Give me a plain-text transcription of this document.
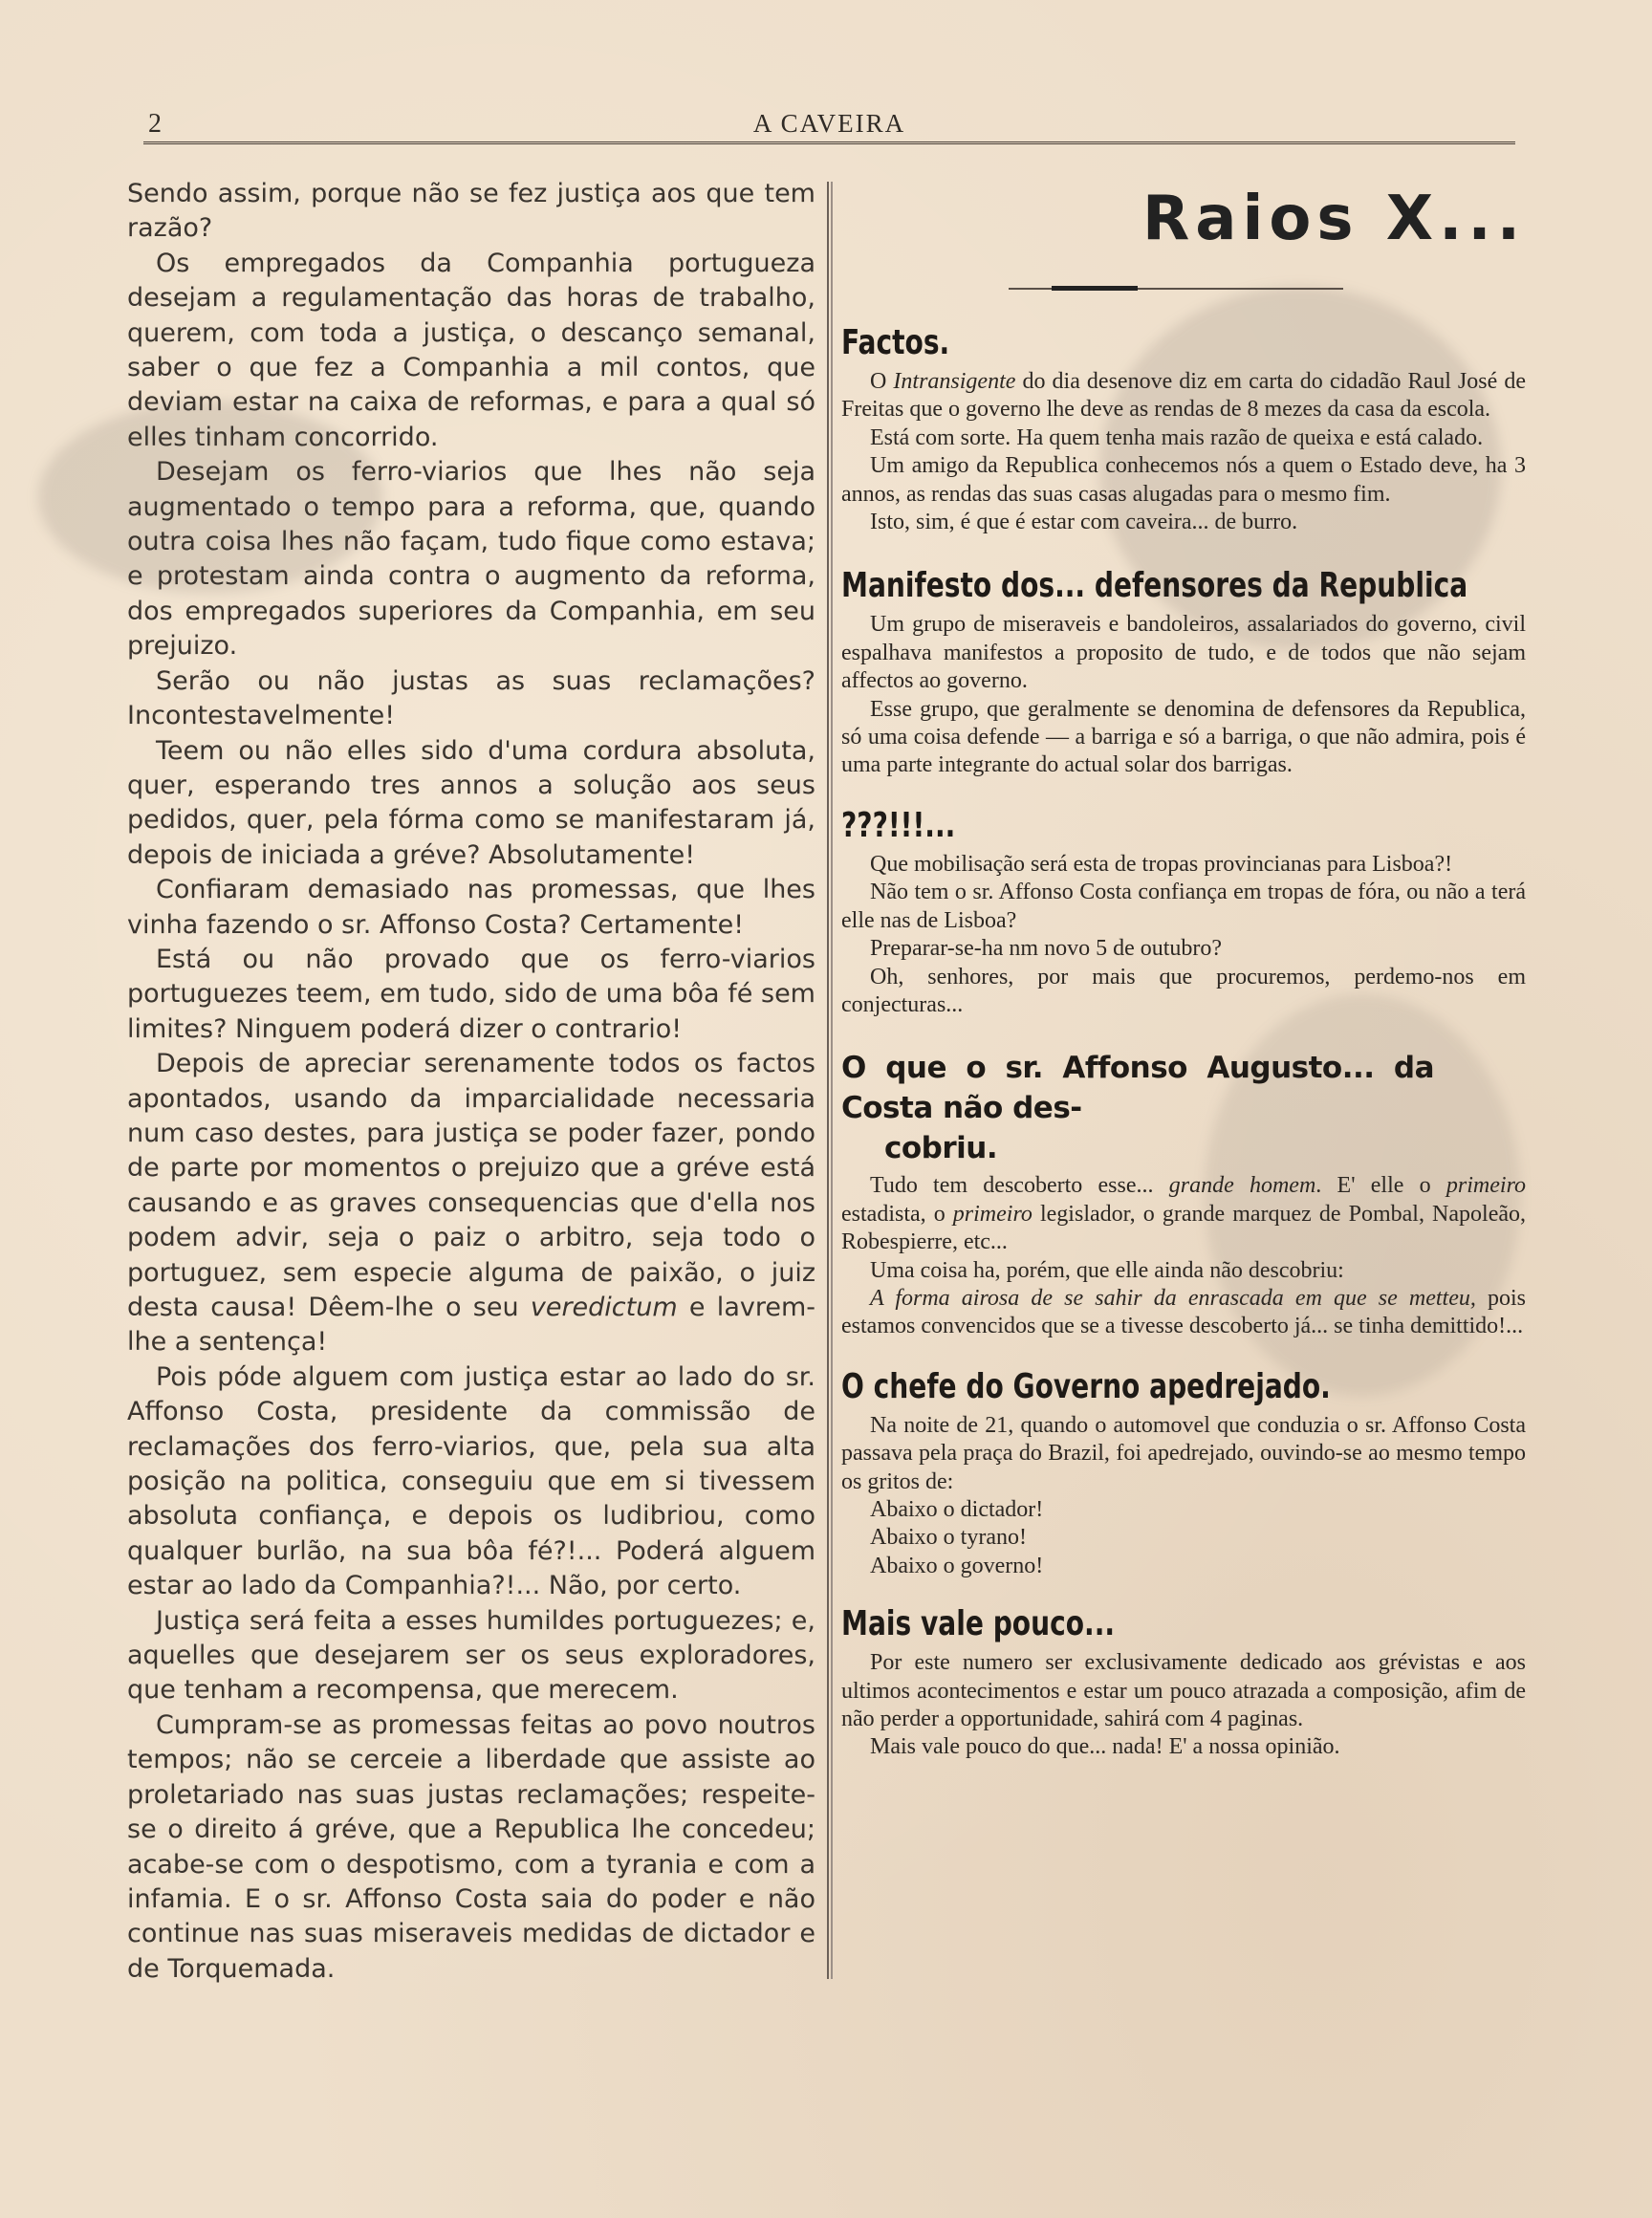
2	A CAVEIRA

Sendo assim, porque não se fez justiça aos que tem razão?

Os empregados da Companhia portugueza desejam a regulamentação das horas de trabalho, querem, com toda a justiça, o descanço semanal, saber o que fez a Companhia a mil contos, que deviam estar na caixa de reformas, e para a qual só elles tinham concorrido.

Desejam os ferro-viarios que lhes não seja augmentado o tempo para a reforma, que, quando outra coisa lhes não façam, tudo fique como estava; e protestam ainda contra o augmento da reforma, dos empregados superiores da Companhia, em seu prejuizo.

Serão ou não justas as suas reclamações? Incontestavelmente!

Teem ou não elles sido d'uma cordura absoluta, quer, esperando tres annos a solução aos seus pedidos, quer, pela fórma como se manifestaram já, depois de iniciada a gréve? Absolutamente!

Confiaram demasiado nas promessas, que lhes vinha fazendo o sr. Affonso Costa? Certamente!

Está ou não provado que os ferro-viarios portuguezes teem, em tudo, sido de uma bôa fé sem limites? Ninguem poderá dizer o contrario!

Depois de apreciar serenamente todos os factos apontados, usando da imparcialidade necessaria num caso destes, para justiça se poder fazer, pondo de parte por momentos o prejuizo que a gréve está causando e as graves consequencias que d'ella nos podem advir, seja o paiz o arbitro, seja todo o portuguez, sem especie alguma de paixão, o juiz desta causa! Dêem-lhe o seu veredictum e lavrem-lhe a sentença!

Pois póde alguem com justiça estar ao lado do sr. Affonso Costa, presidente da commissão de reclamações dos ferro-viarios, que, pela sua alta posição na politica, conseguiu que em si tivessem absoluta confiança, e depois os ludibriou, como qualquer burlão, na sua bôa fé?!... Poderá alguem estar ao lado da Companhia?!... Não, por certo.

Justiça será feita a esses humildes portuguezes; e, aquelles que desejarem ser os seus exploradores, que tenham a recompensa, que merecem.

Cumpram-se as promessas feitas ao povo noutros tempos; não se cerceie a liberdade que assiste ao proletariado nas suas justas reclamações; respeite-se o direito á gréve, que a Republica lhe concedeu; acabe-se com o despotismo, com a tyrania e com a infamia. E o sr. Affonso Costa saia do poder e não continue nas suas miseraveis medidas de dictador e de Torquemada.

Raios X...
Factos.

O Intransigente do dia desenove diz em carta do cidadão Raul José de Freitas que o governo lhe deve as rendas de 8 mezes da casa da escola.

Está com sorte. Ha quem tenha mais razão de queixa e está calado.

Um amigo da Republica conhecemos nós a quem o Estado deve, ha 3 annos, as rendas das suas casas alugadas para o mesmo fim.

Isto, sim, é que é estar com caveira... de burro.

Manifesto dos... defensores da Republica

Um grupo de miseraveis e bandoleiros, assalariados do governo, civil espalhava manifestos a proposito de tudo, e de todos que não sejam affectos ao governo.

Esse grupo, que geralmente se denomina de defensores da Republica, só uma coisa defende — a barriga e só a barriga, o que não admira, pois é uma parte integrante do actual solar dos barrigas.

???!!!...

Que mobilisação será esta de tropas provincianas para Lisboa?!

Não tem o sr. Affonso Costa confiança em tropas de fóra, ou não a terá elle nas de Lisboa?

Preparar-se-ha nm novo 5 de outubro?

Oh, senhores, por mais que procuremos, perdemo-nos em conjecturas...

O que o sr. Affonso Augusto... da Costa não des-
cobriu.

Tudo tem descoberto esse... grande homem. E' elle o primeiro estadista, o primeiro legislador, o grande marquez de Pombal, Napoleão, Robespierre, etc...

Uma coisa ha, porém, que elle ainda não descobriu:

A forma airosa de se sahir da enrascada em que se metteu, pois estamos convencidos que se a tivesse descoberto já... se tinha demittido!...

O chefe do Governo apedrejado.

Na noite de 21, quando o automovel que conduzia o sr. Affonso Costa passava pela praça do Brazil, foi apedrejado, ouvindo-se ao mesmo tempo os gritos de:

Abaixo o dictador!
Abaixo o tyrano!
Abaixo o governo!
Mais vale pouco...

Por este numero ser exclusivamente dedicado aos grévistas e aos ultimos acontecimentos e estar um pouco atrazada a composição, afim de não perder a opportunidade, sahirá com 4 paginas.

Mais vale pouco do que... nada! E' a nossa opinião.
